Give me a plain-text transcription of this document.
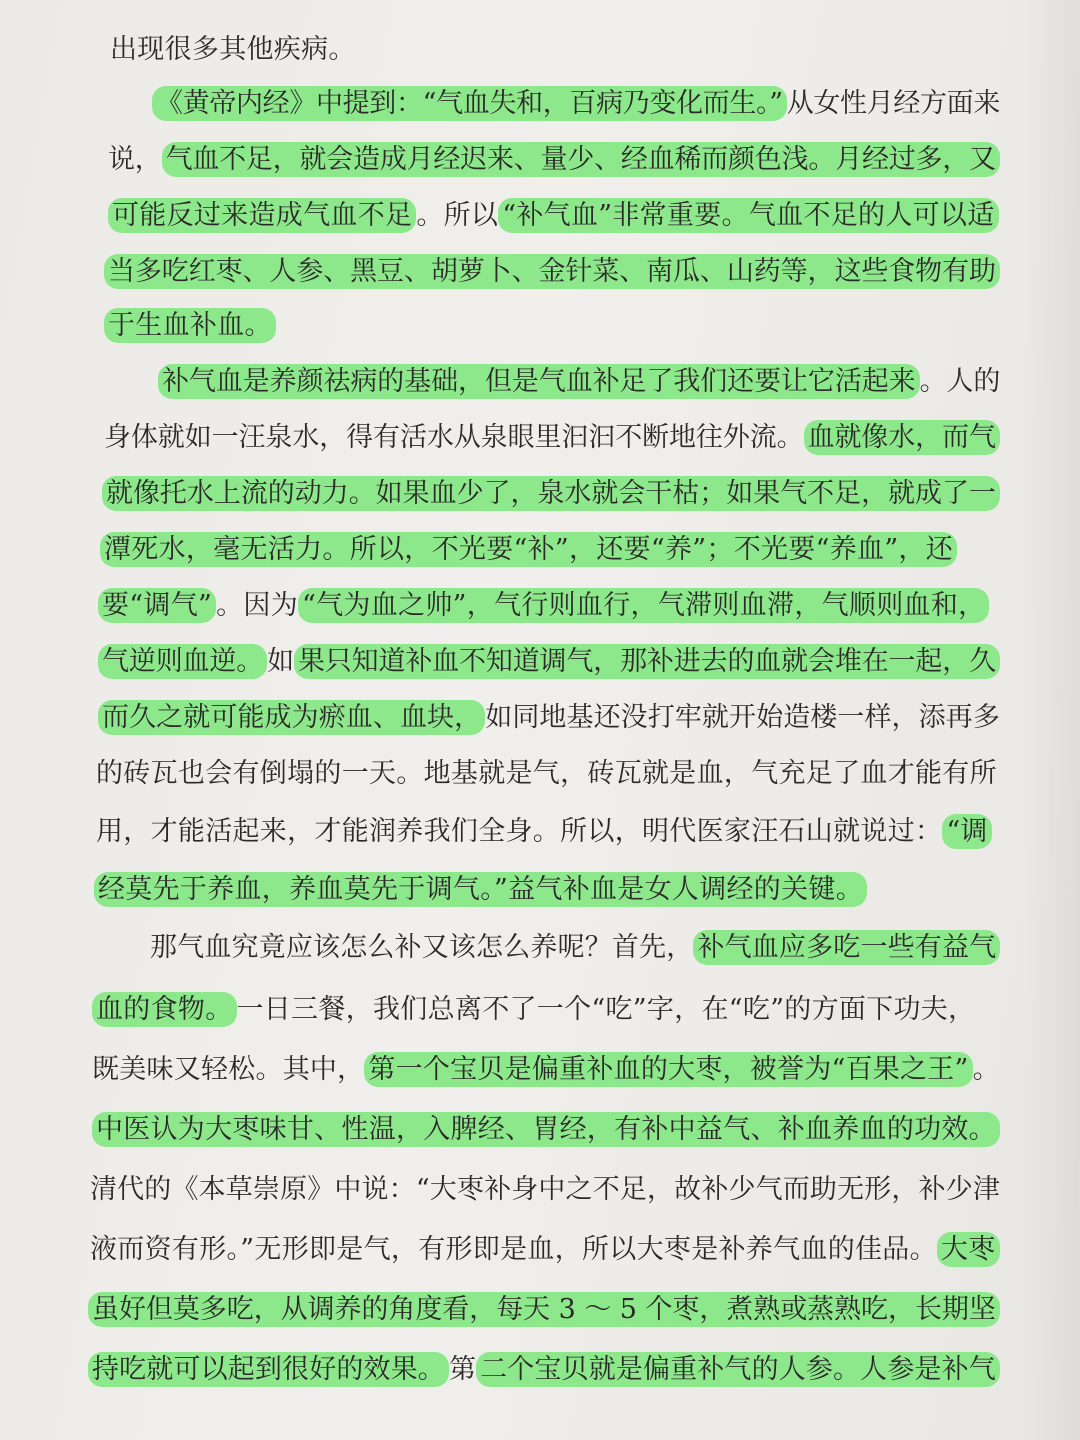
出现很多其他疾病。
《黄帝内经》中提到：“气血失和，百病乃变化而生。” 从女性月经方面来
说， 气血不足，就会造成月经迟来、量少、经血稀而颜色浅。月经过多，又
可能反过来造成气血不足 。所以 “补气血”非常重要。气血不足的人可以适
当多吃红枣、人参、黑豆、胡萝卜、金针菜、南瓜、山药等，这些食物有助
于生血补血。
补气血是养颜祛病的基础，但是气血补足了我们还要让它活起来 。人的
身体就如一汪泉水，得有活水从泉眼里汩汩不断地往外流。 血就像水，而气
就像托水上流的动力。如果血少了，泉水就会干枯；如果气不足，就成了一
潭死水，毫无活力。所以，不光要“补”，还要“养”；不光要“养血”，还
要“调气” 。因为 “气为血之帅”，气行则血行，气滞则血滞，气顺则血和，
气逆则血逆。 如 果只知道补血不知道调气，那补进去的血就会堆在一起，久
而久之就可能成为瘀血、血块， 如同地基还没打牢就开始造楼一样，添再多
的砖瓦也会有倒塌的一天。地基就是气，砖瓦就是血，气充足了血才能有所
用，才能活起来，才能润养我们全身。所以，明代医家汪石山就说过： “调
经莫先于养血，养血莫先于调气。”益气补血是女人调经的关键。
那气血究竟应该怎么补又该怎么养呢？首先， 补气血应多吃一些有益气
血的食物。 一日三餐，我们总离不了一个“吃”字，在“吃”的方面下功夫，
既美味又轻松。其中， 第一个宝贝是偏重补血的大枣，被誉为“百果之王” 。
中医认为大枣味甘、性温，入脾经、胃经，有补中益气、补血养血的功效。
清代的《本草崇原》中说：“大枣补身中之不足，故补少气而助无形，补少津
液而资有形。”无形即是气，有形即是血，所以大枣是补养气血的佳品。 大枣
虽好但莫多吃，从调养的角度看，每天 3 ～ 5 个枣，煮熟或蒸熟吃，长期坚
持吃就可以起到很好的效果。 第 二个宝贝就是偏重补气的人参。人参是补气
